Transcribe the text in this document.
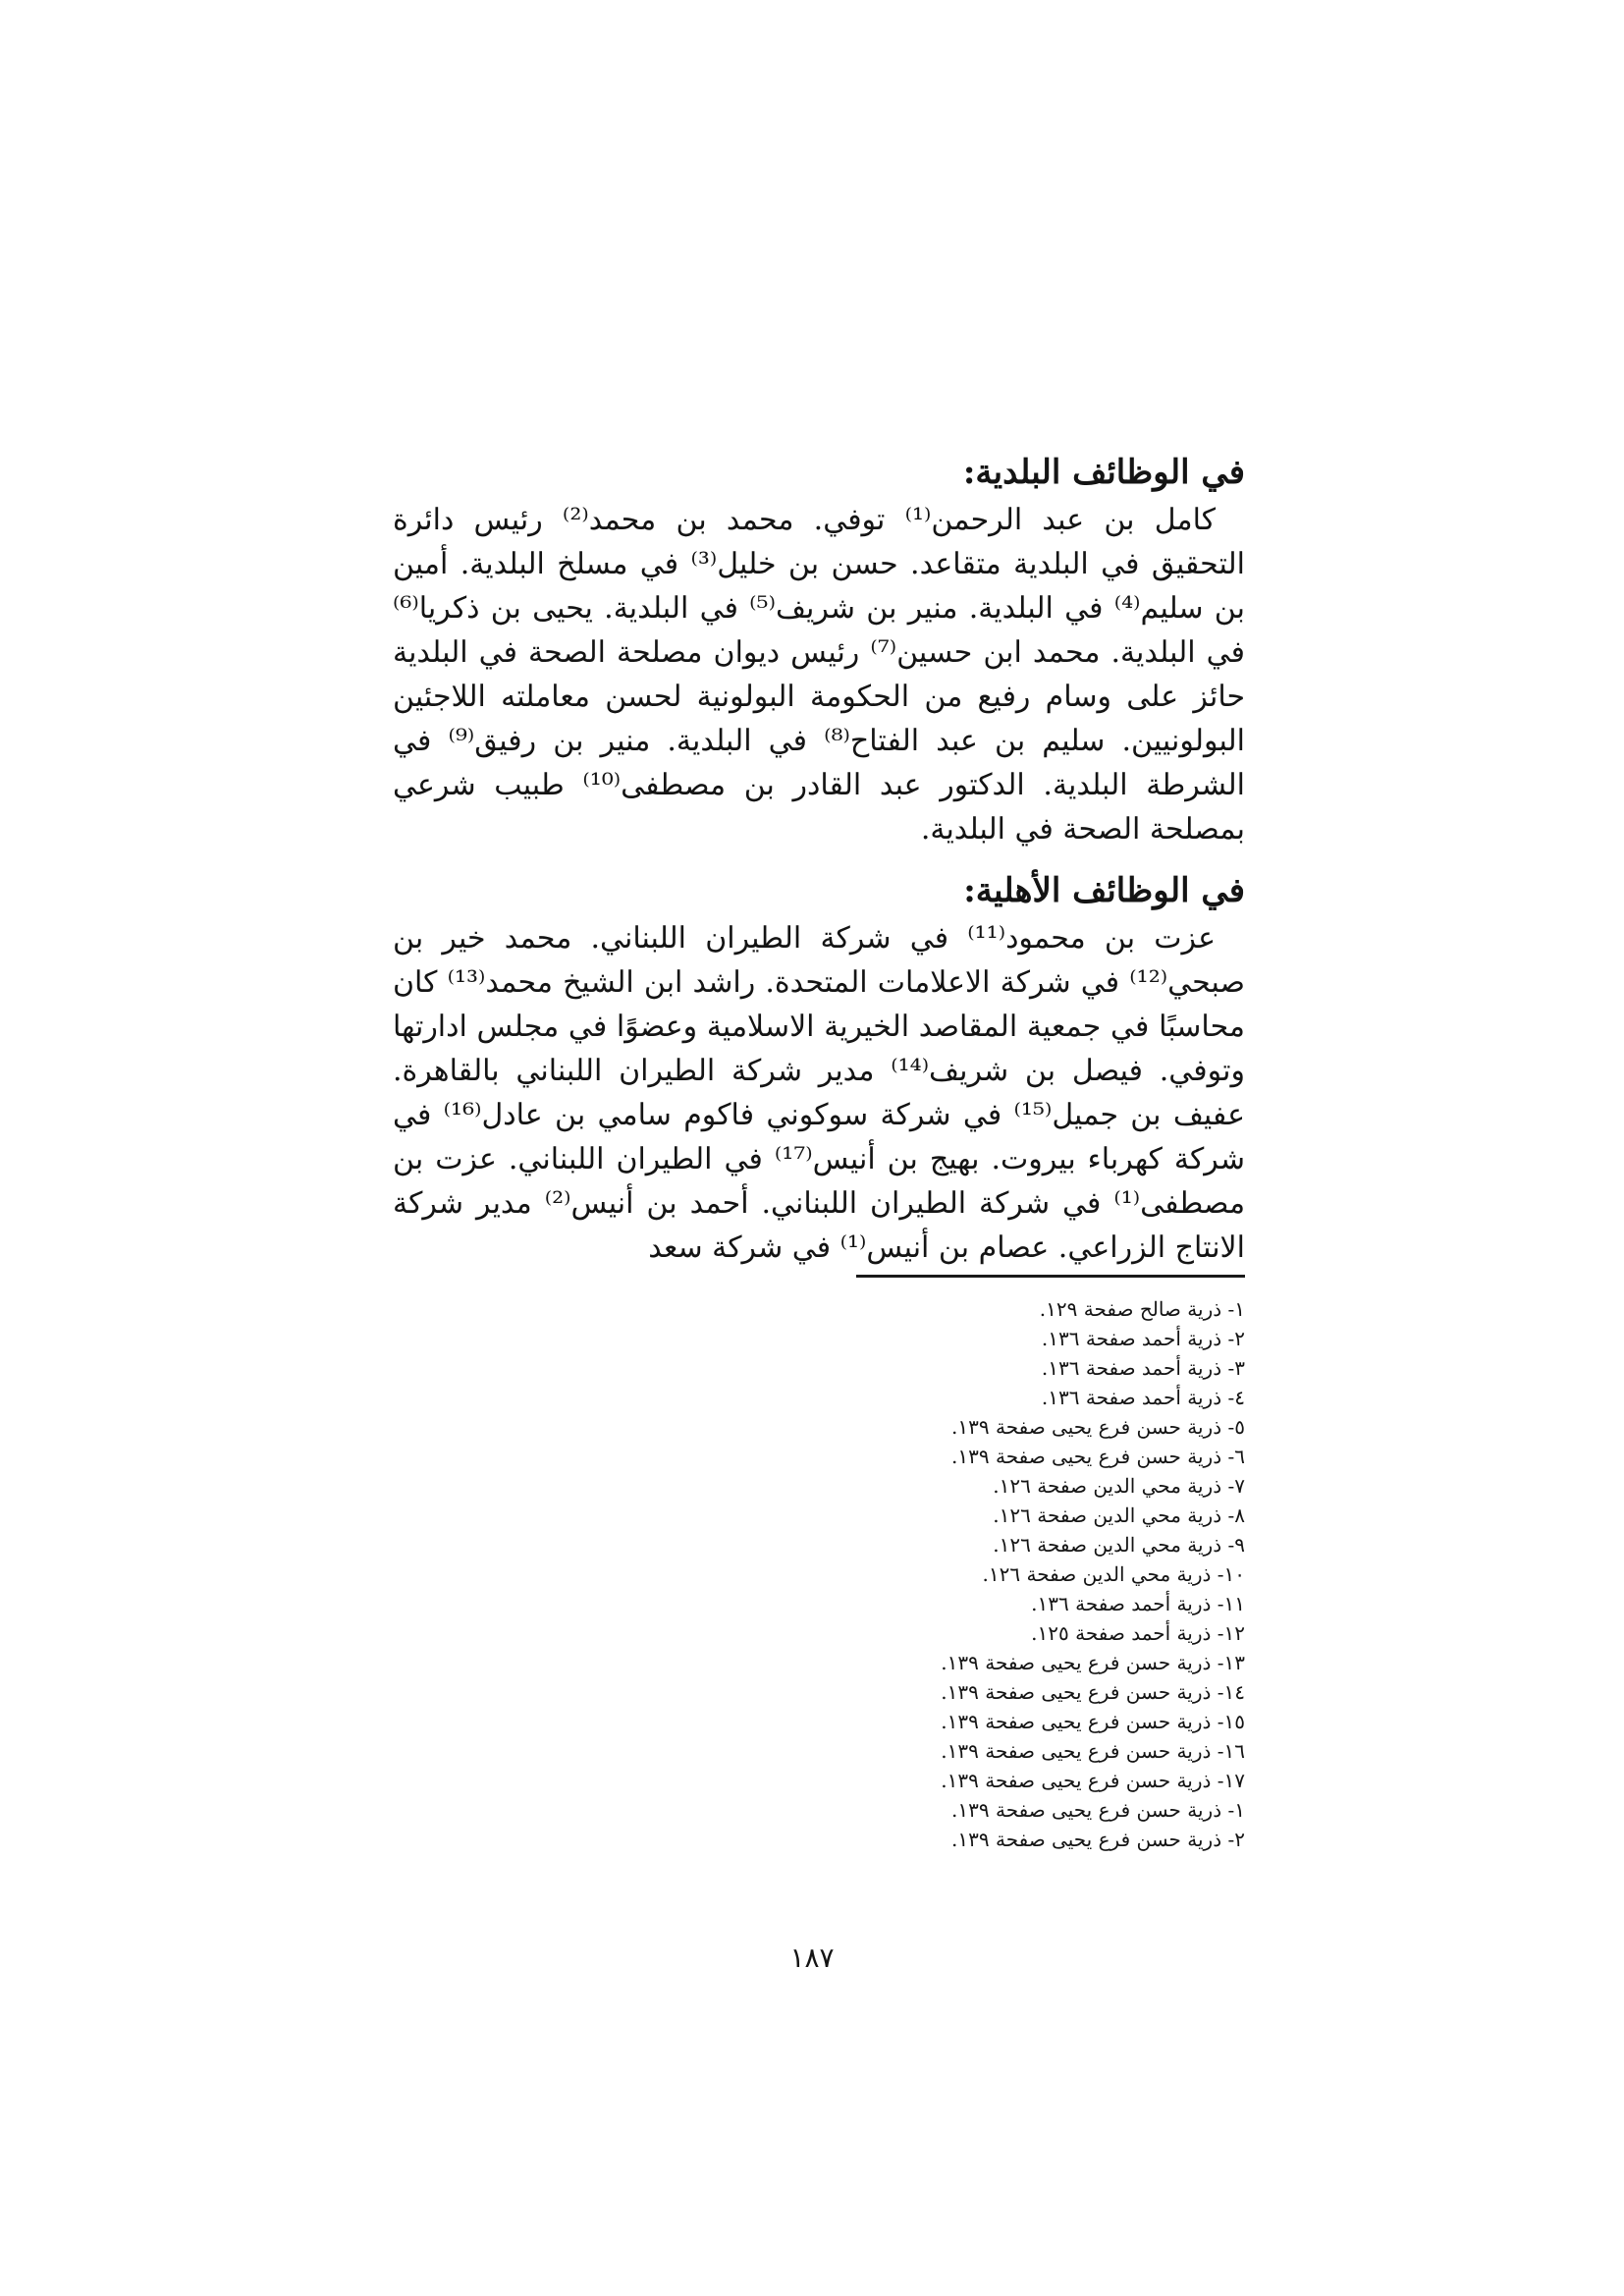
في الوظائف البلدية:

كامل بن عبد الرحمن⁽¹⁾ توفي. محمد بن محمد⁽²⁾ رئيس دائرة التحقيق في البلدية متقاعد. حسن بن خليل⁽³⁾ في مسلخ البلدية. أمين بن سليم⁽⁴⁾ في البلدية. منير بن شريف⁽⁵⁾ في البلدية. يحيى بن ذكريا⁽⁶⁾ في البلدية. محمد ابن حسين⁽⁷⁾ رئيس ديوان مصلحة الصحة في البلدية حائز على وسام رفيع من الحكومة البولونية لحسن معاملته اللاجئين البولونيين. سليم بن عبد الفتاح⁽⁸⁾ في البلدية. منير بن رفيق⁽⁹⁾ في الشرطة البلدية. الدكتور عبد القادر بن مصطفى⁽¹⁰⁾ طبيب شرعي بمصلحة الصحة في البلدية.

في الوظائف الأهلية:

عزت بن محمود⁽¹¹⁾ في شركة الطيران اللبناني. محمد خير بن صبحي⁽¹²⁾ في شركة الاعلامات المتحدة. راشد ابن الشيخ محمد⁽¹³⁾ كان محاسبًا في جمعية المقاصد الخيرية الاسلامية وعضوًا في مجلس ادارتها وتوفي. فيصل بن شريف⁽¹⁴⁾ مدير شركة الطيران اللبناني بالقاهرة. عفيف بن جميل⁽¹⁵⁾ في شركة سوكوني فاكوم سامي بن عادل⁽¹⁶⁾ في شركة كهرباء بيروت. بهيج بن أنيس⁽¹⁷⁾ في الطيران اللبناني. عزت بن مصطفى⁽¹⁾ في شركة الطيران اللبناني. أحمد بن أنيس⁽²⁾ مدير شركة الانتاج الزراعي. عصام بن أنيس⁽¹⁾ في شركة سعد

١- ذرية صالح صفحة ١٢٩.
٢- ذرية أحمد صفحة ١٣٦.
٣- ذرية أحمد صفحة ١٣٦.
٤- ذرية أحمد صفحة ١٣٦.
٥- ذرية حسن فرع يحيى صفحة ١٣٩.
٦- ذرية حسن فرع يحيى صفحة ١٣٩.
٧- ذرية محي الدين صفحة ١٢٦.
٨- ذرية محي الدين صفحة ١٢٦.
٩- ذرية محي الدين صفحة ١٢٦.
١٠- ذرية محي الدين صفحة ١٢٦.
١١- ذرية أحمد صفحة ١٣٦.
١٢- ذرية أحمد صفحة ١٢٥.
١٣- ذرية حسن فرع يحيى صفحة ١٣٩.
١٤- ذرية حسن فرع يحيى صفحة ١٣٩.
١٥- ذرية حسن فرع يحيى صفحة ١٣٩.
١٦- ذرية حسن فرع يحيى صفحة ١٣٩.
١٧- ذرية حسن فرع يحيى صفحة ١٣٩.
١- ذرية حسن فرع يحيى صفحة ١٣٩.
٢- ذرية حسن فرع يحيى صفحة ١٣٩.
١٨٧
